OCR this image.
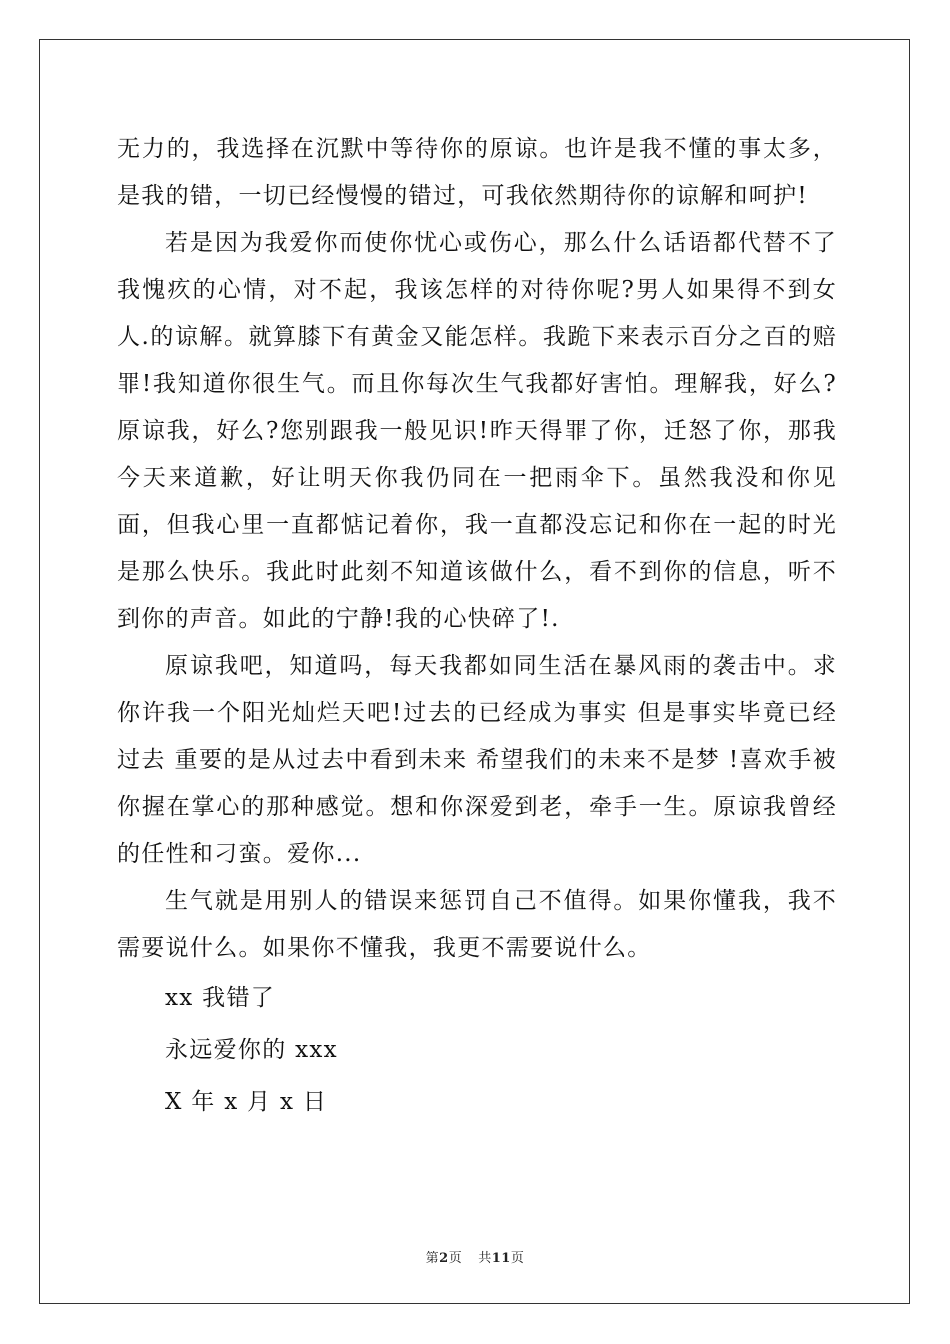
无力的，我选择在沉默中等待你的原谅。也许是我不懂的事太多，是我的错，一切已经慢慢的错过，可我依然期待你的谅解和呵护!

若是因为我爱你而使你忧心或伤心，那么什么话语都代替不了我愧疚的心情，对不起，我该怎样的对待你呢?男人如果得不到女人.的谅解。就算膝下有黄金又能怎样。我跪下来表示百分之百的赔罪!我知道你很生气。而且你每次生气我都好害怕。理解我，好么?原谅我，好么?您别跟我一般见识!昨天得罪了你，迁怒了你，那我今天来道歉，好让明天你我仍同在一把雨伞下。虽然我没和你见面，但我心里一直都惦记着你，我一直都没忘记和你在一起的时光是那么快乐。我此时此刻不知道该做什么，看不到你的信息，听不到你的声音。如此的宁静!我的心快碎了!.

原谅我吧，知道吗，每天我都如同生活在暴风雨的袭击中。求你许我一个阳光灿烂天吧!过去的已经成为事实 但是事实毕竟已经过去 重要的是从过去中看到未来 希望我们的未来不是梦 !喜欢手被你握在掌心的那种感觉。想和你深爱到老，牵手一生。原谅我曾经的任性和刁蛮。爱你...

生气就是用别人的错误来惩罚自己不值得。如果你懂我，我不需要说什么。如果你不懂我，我更不需要说什么。

xx 我错了

永远爱你的 xxx

X 年 x 月 x 日

第2页 共11页
